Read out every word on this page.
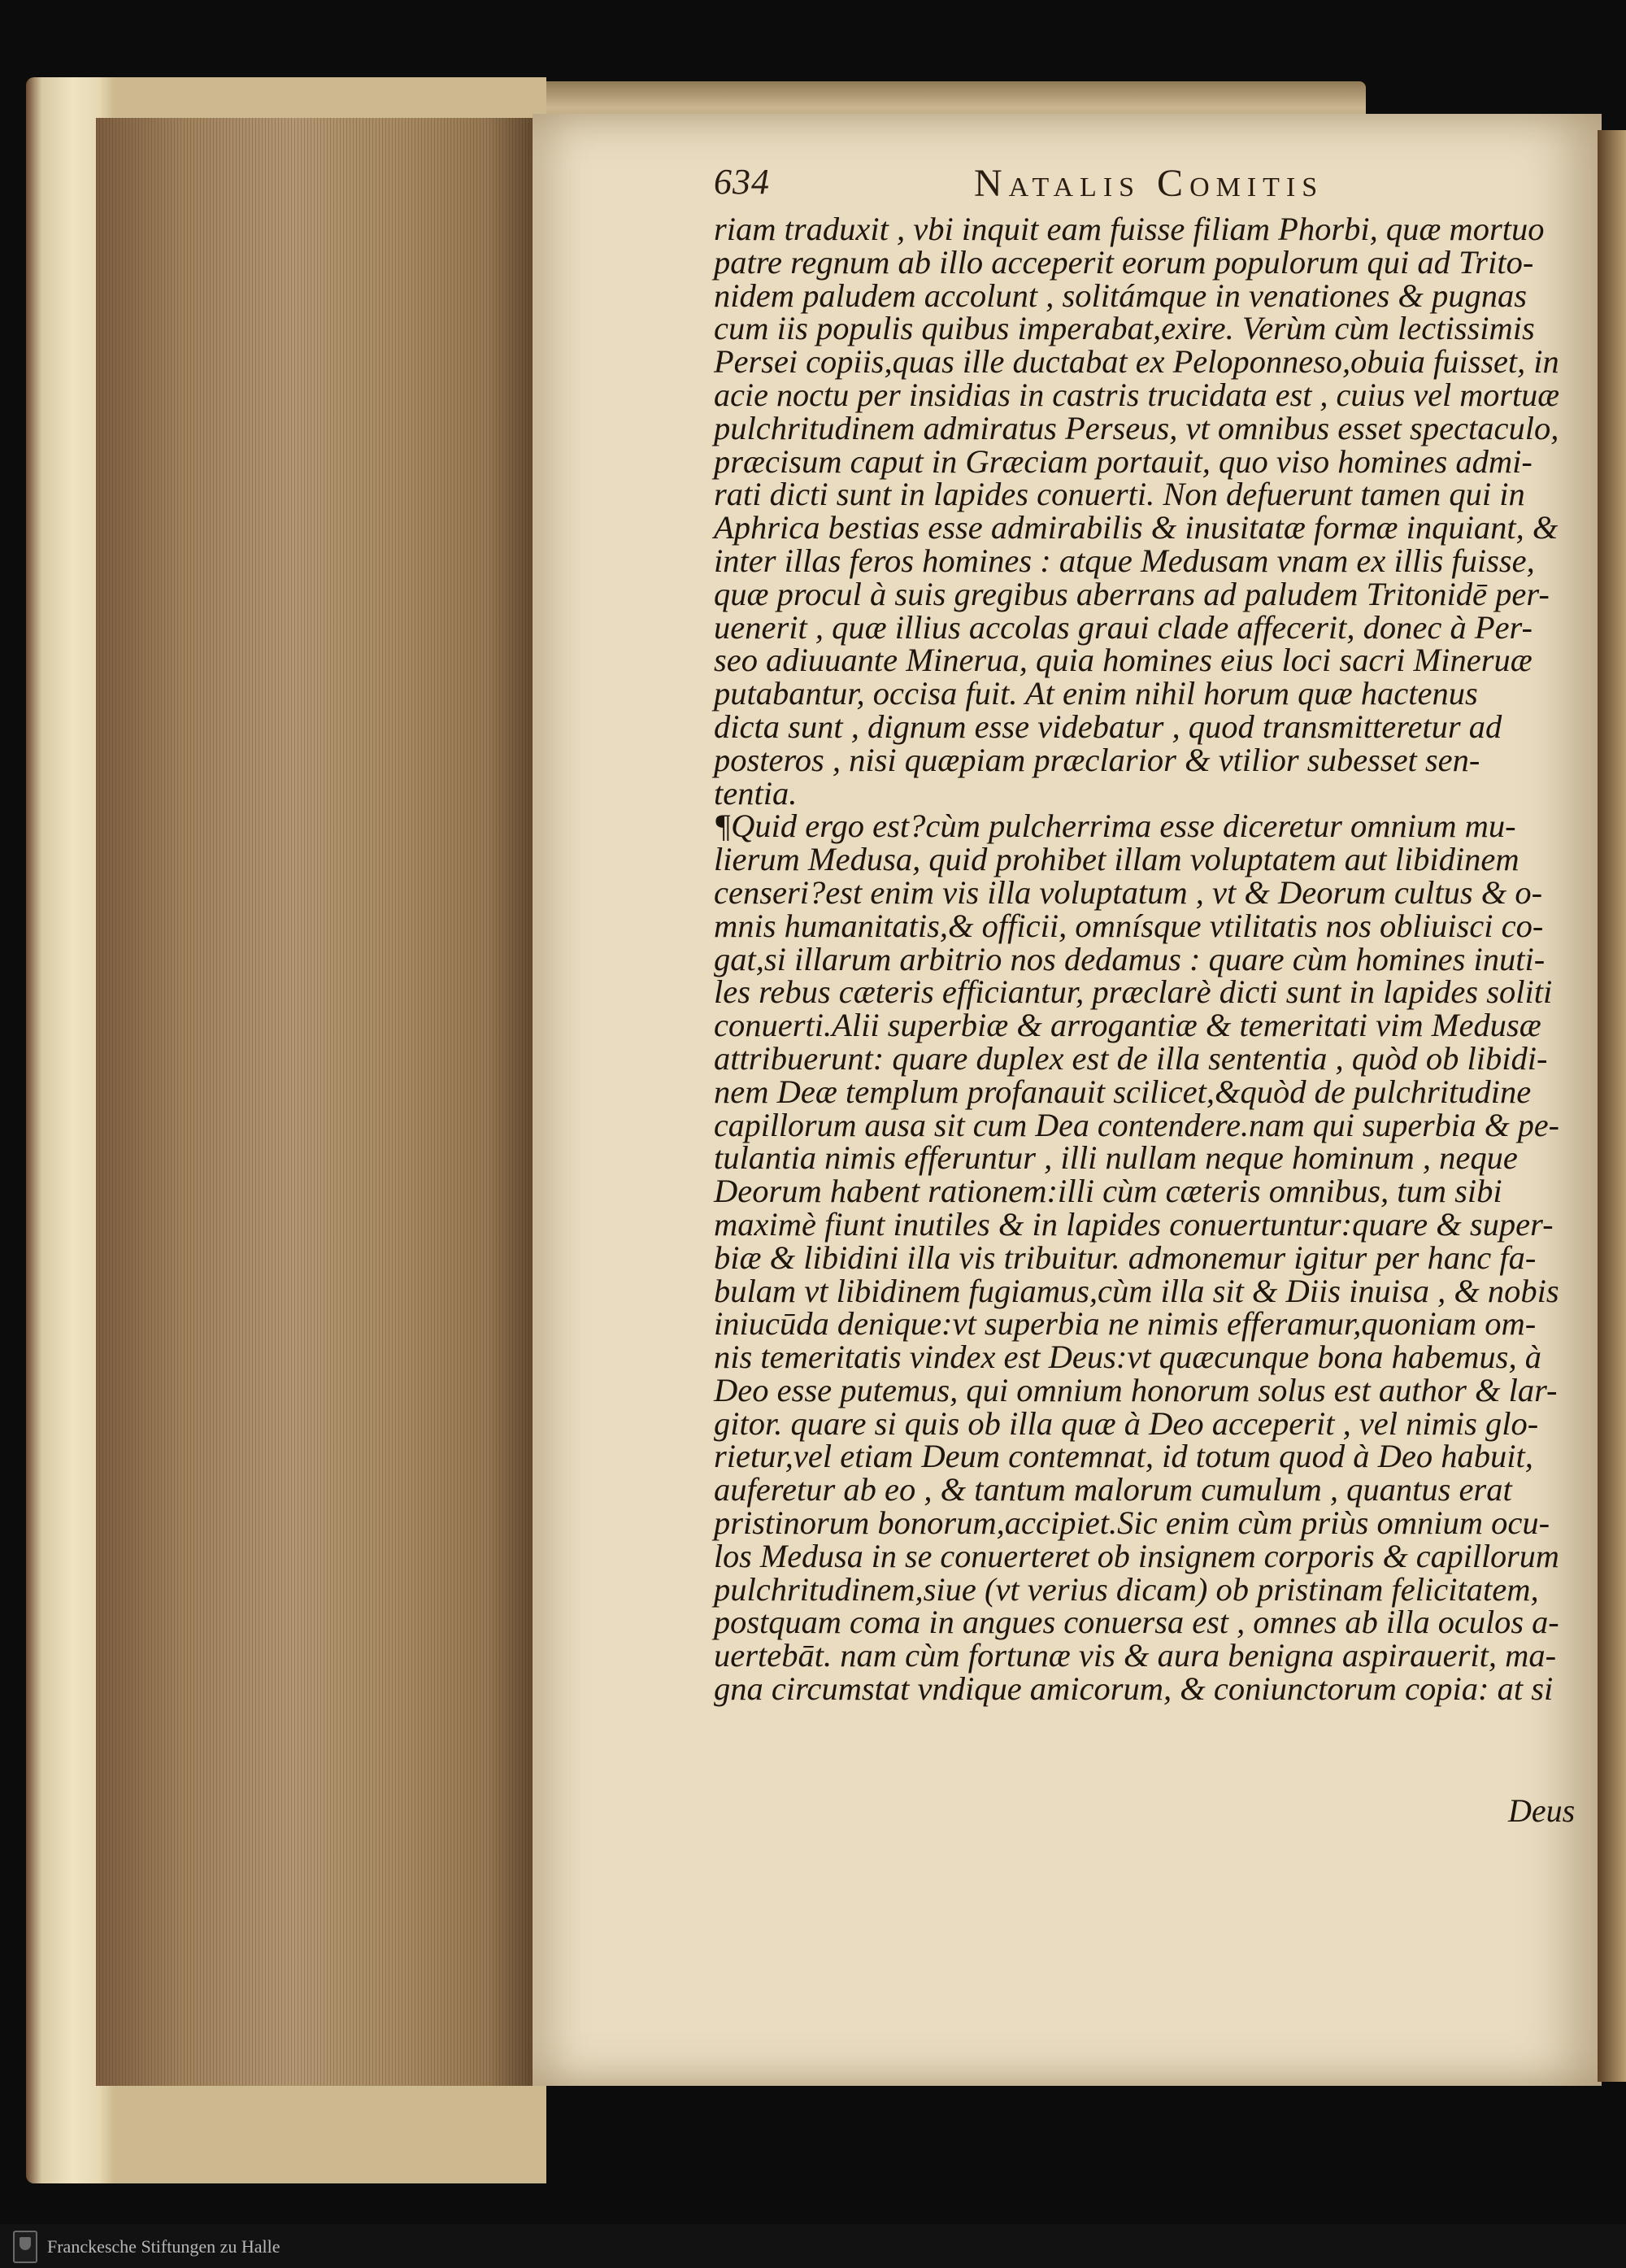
634	Natalis Comitis
riam traduxit , vbi inquit eam fuisse filiam Phorbi, quæ mortuo
patre regnum ab illo acceperit eorum populorum qui ad Trito-
nidem paludem accolunt , solitámque in venationes & pugnas
cum iis populis quibus imperabat,exire. Verùm cùm lectissimis
Persei copiis,quas ille ductabat ex Peloponneso,obuia fuisset, in
acie noctu per insidias in castris trucidata est , cuius vel mortuæ
pulchritudinem admiratus Perseus, vt omnibus esset spectaculo,
præcisum caput in Græciam portauit, quo viso homines admi-
rati dicti sunt in lapides conuerti. Non defuerunt tamen qui in
Aphrica bestias esse admirabilis & inusitatæ formæ inquiant, &
inter illas feros homines : atque Medusam vnam ex illis fuisse,
quæ procul à suis gregibus aberrans ad paludem Tritonidē per-
uenerit , quæ illius accolas graui clade affecerit, donec à Per-
seo adiuuante Minerua, quia homines eius loci sacri Mineruæ
putabantur, occisa fuit. At enim nihil horum quæ hactenus
dicta sunt , dignum esse videbatur , quod transmitteretur ad
posteros , nisi quæpiam præclarior & vtilior subesset sen-
tentia.
¶Quid ergo est?cùm pulcherrima esse diceretur omnium mu-
lierum Medusa, quid prohibet illam voluptatem aut libidinem
censeri?est enim vis illa voluptatum , vt & Deorum cultus & o-
mnis humanitatis,& officii, omnísque vtilitatis nos obliuisci co-
gat,si illarum arbitrio nos dedamus : quare cùm homines inuti-
les rebus cæteris efficiantur, præclarè dicti sunt in lapides soliti
conuerti.Alii superbiæ & arrogantiæ & temeritati vim Medusæ
attribuerunt: quare duplex est de illa sententia , quòd ob libidi-
nem Deæ templum profanauit scilicet,&quòd de pulchritudine
capillorum ausa sit cum Dea contendere.nam qui superbia & pe-
tulantia nimis efferuntur , illi nullam neque hominum , neque
Deorum habent rationem:illi cùm cæteris omnibus, tum sibi
maximè fiunt inutiles & in lapides conuertuntur:quare & super-
biæ & libidini illa vis tribuitur. admonemur igitur per hanc fa-
bulam vt libidinem fugiamus,cùm illa sit & Diis inuisa , & nobis
iniucūda denique:vt superbia ne nimis efferamur,quoniam om-
nis temeritatis vindex est Deus:vt quæcunque bona habemus, à
Deo esse putemus, qui omnium honorum solus est author & lar-
gitor. quare si quis ob illa quæ à Deo acceperit , vel nimis glo-
rietur,vel etiam Deum contemnat, id totum quod à Deo habuit,
auferetur ab eo , & tantum malorum cumulum , quantus erat
pristinorum bonorum,accipiet.Sic enim cùm priùs omnium ocu-
los Medusa in se conuerteret ob insignem corporis & capillorum
pulchritudinem,siue (vt verius dicam) ob pristinam felicitatem,
postquam coma in angues conuersa est , omnes ab illa oculos a-
uertebāt. nam cùm fortunæ vis & aura benigna aspirauerit, ma-
gna circumstat vndique amicorum, & coniunctorum copia: at si
Deus
Franckesche Stiftungen zu Halle
